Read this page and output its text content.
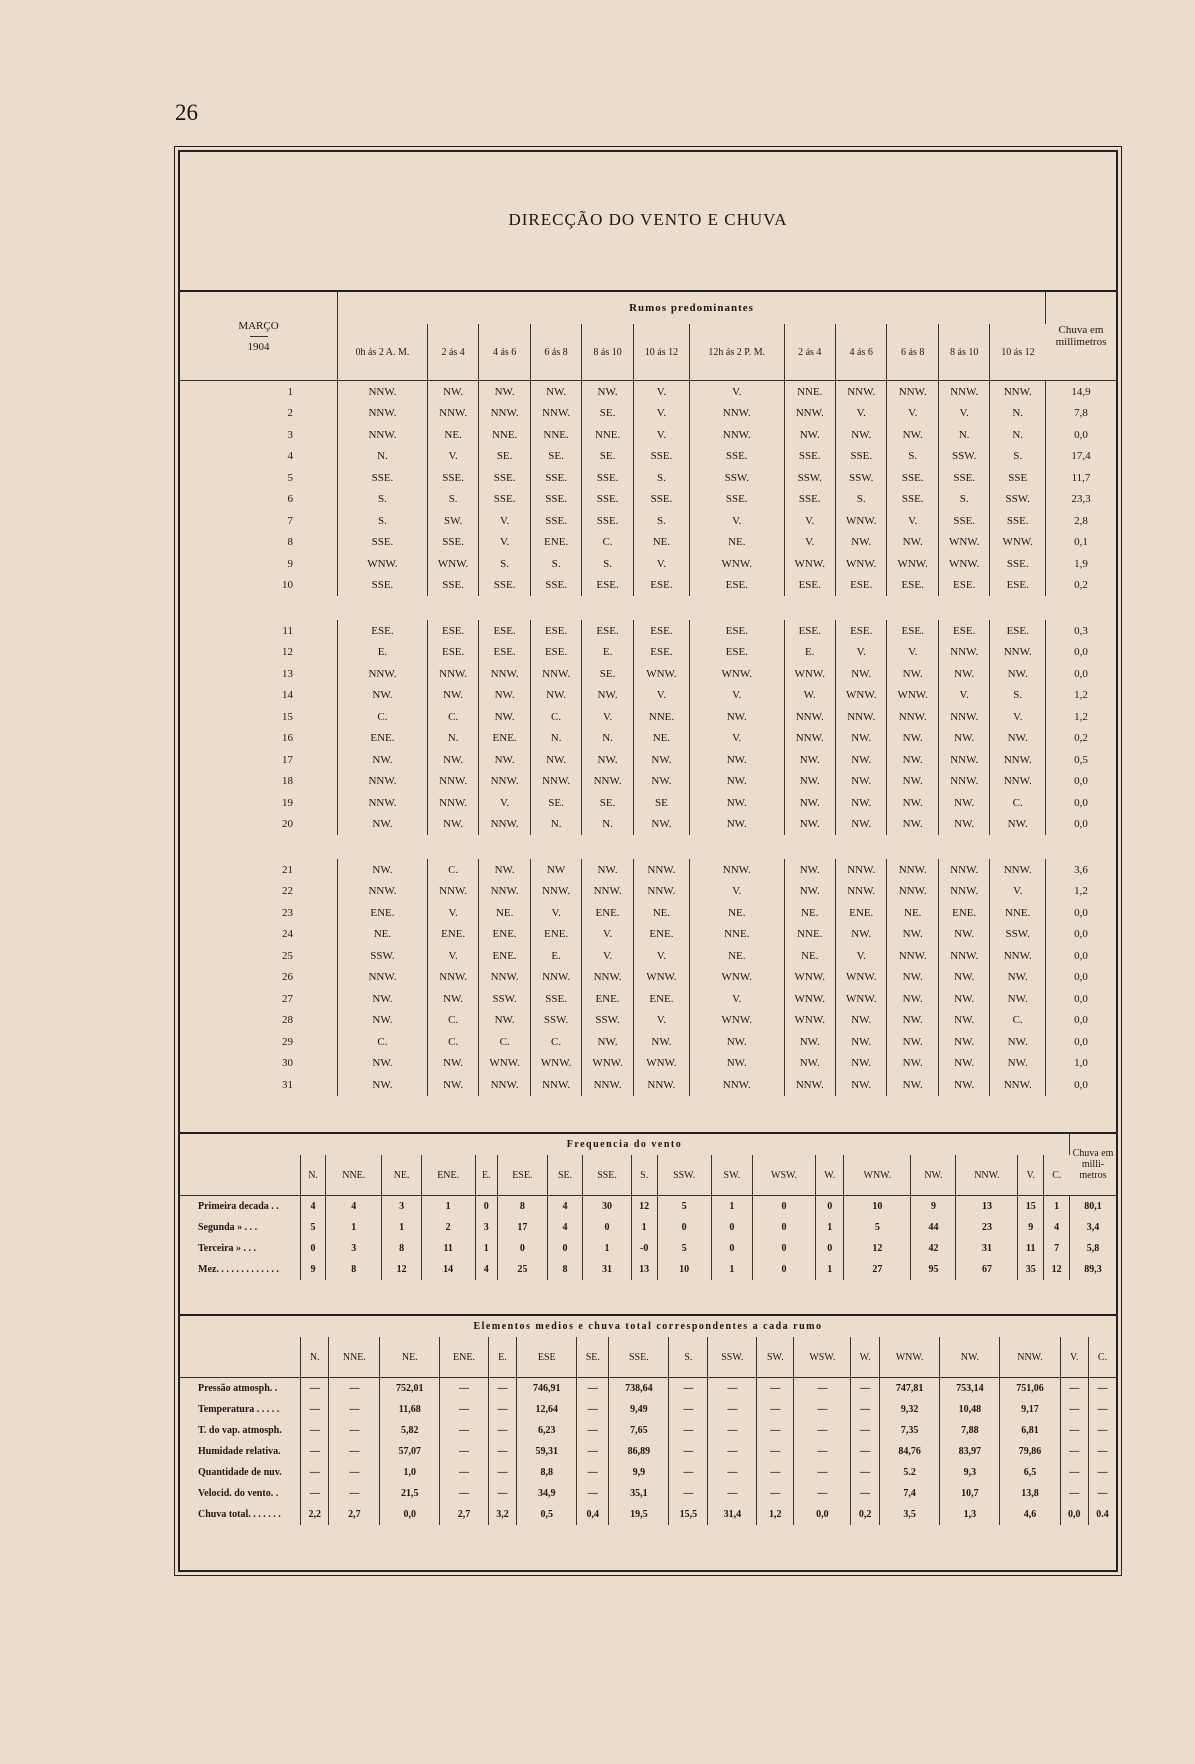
26
DIRECÇÃO DO VENTO E CHUVA
MARÇO
1904	Rumos predominantes												Chuva em millimetros
	0h ás 2 A. M.	2 ás 4	4 ás 6	6 ás 8	8 ás 10	10 ás 12	12h ás 2 P. M.	2 ás 4	4 ás 6	6 ás 8	8 ás 10	10 ás 12	
1	NNW.	NW.	NW.	NW.	NW.	V.	V.	NNE.	NNW.	NNW.	NNW.	NNW.	14,9
2	NNW.	NNW.	NNW.	NNW.	SE.	V.	NNW.	NNW.	V.	V.	V.	N.	7,8
3	NNW.	NE.	NNE.	NNE.	NNE.	V.	NNW.	NW.	NW.	NW.	N.	N.	0,0
4	N.	V.	SE.	SE.	SE.	SSE.	SSE.	SSE.	SSE.	S.	SSW.	S.	17,4
5	SSE.	SSE.	SSE.	SSE.	SSE.	S.	SSW.	SSW.	SSW.	SSE.	SSE.	SSE	11,7
6	S.	S.	SSE.	SSE.	SSE.	SSE.	SSE.	SSE.	S.	SSE.	S.	SSW.	23,3
7	S.	SW.	V.	SSE.	SSE.	S.	V.	V.	WNW.	V.	SSE.	SSE.	2,8
8	SSE.	SSE.	V.	ENE.	C.	NE.	NE.	V.	NW.	NW.	WNW.	WNW.	0,1
9	WNW.	WNW.	S.	S.	S.	V.	WNW.	WNW.	WNW.	WNW.	WNW.	SSE.	1,9
10	SSE.	SSE.	SSE.	SSE.	ESE.	ESE.	ESE.	ESE.	ESE.	ESE.	ESE.	ESE.	0,2

11	ESE.	ESE.	ESE.	ESE.	ESE.	ESE.	ESE.	ESE.	ESE.	ESE.	ESE.	ESE.	0,3
12	E.	ESE.	ESE.	ESE.	E.	ESE.	ESE.	E.	V.	V.	NNW.	NNW.	0,0
13	NNW.	NNW.	NNW.	NNW.	SE.	WNW.	WNW.	WNW.	NW.	NW.	NW.	NW.	0,0
14	NW.	NW.	NW.	NW.	NW.	V.	V.	W.	WNW.	WNW.	V.	S.	1,2
15	C.	C.	NW.	C.	V.	NNE.	NW.	NNW.	NNW.	NNW.	NNW.	V.	1,2
16	ENE.	N.	ENE.	N.	N.	NE.	V.	NNW.	NW.	NW.	NW.	NW.	0,2
17	NW.	NW.	NW.	NW.	NW.	NW.	NW.	NW.	NW.	NW.	NNW.	NNW.	0,5
18	NNW.	NNW.	NNW.	NNW.	NNW.	NW.	NW.	NW.	NW.	NW.	NNW.	NNW.	0,0
19	NNW.	NNW.	V.	SE.	SE.	SE	NW.	NW.	NW.	NW.	NW.	C.	0,0
20	NW.	NW.	NNW.	N.	N.	NW.	NW.	NW.	NW.	NW.	NW.	NW.	0,0

21	NW.	C.	NW.	NW	NW.	NNW.	NNW.	NW.	NNW.	NNW.	NNW.	NNW.	3,6
22	NNW.	NNW.	NNW.	NNW.	NNW.	NNW.	V.	NW.	NNW.	NNW.	NNW.	V.	1,2
23	ENE.	V.	NE.	V.	ENE.	NE.	NE.	NE.	ENE.	NE.	ENE.	NNE.	0,0
24	NE.	ENE.	ENE.	ENE.	V.	ENE.	NNE.	NNE.	NW.	NW.	NW.	SSW.	0,0
25	SSW.	V.	ENE.	E.	V.	V.	NE.	NE.	V.	NNW.	NNW.	NNW.	0,0
26	NNW.	NNW.	NNW.	NNW.	NNW.	WNW.	WNW.	WNW.	WNW.	NW.	NW.	NW.	0,0
27	NW.	NW.	SSW.	SSE.	ENE.	ENE.	V.	WNW.	WNW.	NW.	NW.	NW.	0,0
28	NW.	C.	NW.	SSW.	SSW.	V.	WNW.	WNW.	NW.	NW.	NW.	C.	0,0
29	C.	C.	C.	C.	NW.	NW.	NW.	NW.	NW.	NW.	NW.	NW.	0,0
30	NW.	NW.	WNW.	WNW.	WNW.	WNW.	NW.	NW.	NW.	NW.	NW.	NW.	1,0
31	NW.	NW.	NNW.	NNW.	NNW.	NNW.	NNW.	NNW.	NW.	NW.	NW.	NNW.	0,0
Frequencia do vento																			Chuva em milli- metros
	N.	NNE.	NE.	ENE.	E.	ESE.	SE.	SSE.	S.	SSW.	SW.	WSW.	W.	WNW.	NW.	NNW.	V.	C.	
Primeira decada . .	4	4	3	1	0	8	4	30	12	5	1	0	0	10	9	13	15	1	80,1
Segunda » . . .	5	1	1	2	3	17	4	0	1	0	0	0	1	5	44	23	9	4	3,4
Terceira » . . .	0	3	8	11	1	0	0	1	-0	5	0	0	0	12	42	31	11	7	5,8
Mez. . . . . . . . . . . . .	9	8	12	14	4	25	8	31	13	10	1	0	1	27	95	67	35	12	89,3
Elementos medios e chuva total correspondentes a cada rumo																		
	N.	NNE.	NE.	ENE.	E.	ESE	SE.	SSE.	S.	SSW.	SW.	WSW.	W.	WNW.	NW.	NNW.	V.	C.
Pressão atmosph. .	—	—	752,01	—	—	746,91	—	738,64	—	—	—	—	—	747,81	753,14	751,06	—	—
Temperatura . . . . .	—	—	11,68	—	—	12,64	—	9,49	—	—	—	—	—	9,32	10,48	9,17	—	—
T. do vap. atmosph.	—	—	5,82	—	—	6,23	—	7,65	—	—	—	—	—	7,35	7,88	6,81	—	—
Humidade relativa.	—	—	57,07	—	—	59,31	—	86,89	—	—	—	—	—	84,76	83,97	79,86	—	—
Quantidade de nuv.	—	—	1,0	—	—	8,8	—	9,9	—	—	—	—	—	5.2	9,3	6,5	—	—
Velocid. do vento. .	—	—	21,5	—	—	34,9	—	35,1	—	—	—	—	—	7,4	10,7	13,8	—	—
Chuva total. . . . . . .	2,2	2,7	0,0	2,7	3,2	0,5	0,4	19,5	15,5	31,4	1,2	0,0	0,2	3,5	1,3	4,6	0,0	0.4
